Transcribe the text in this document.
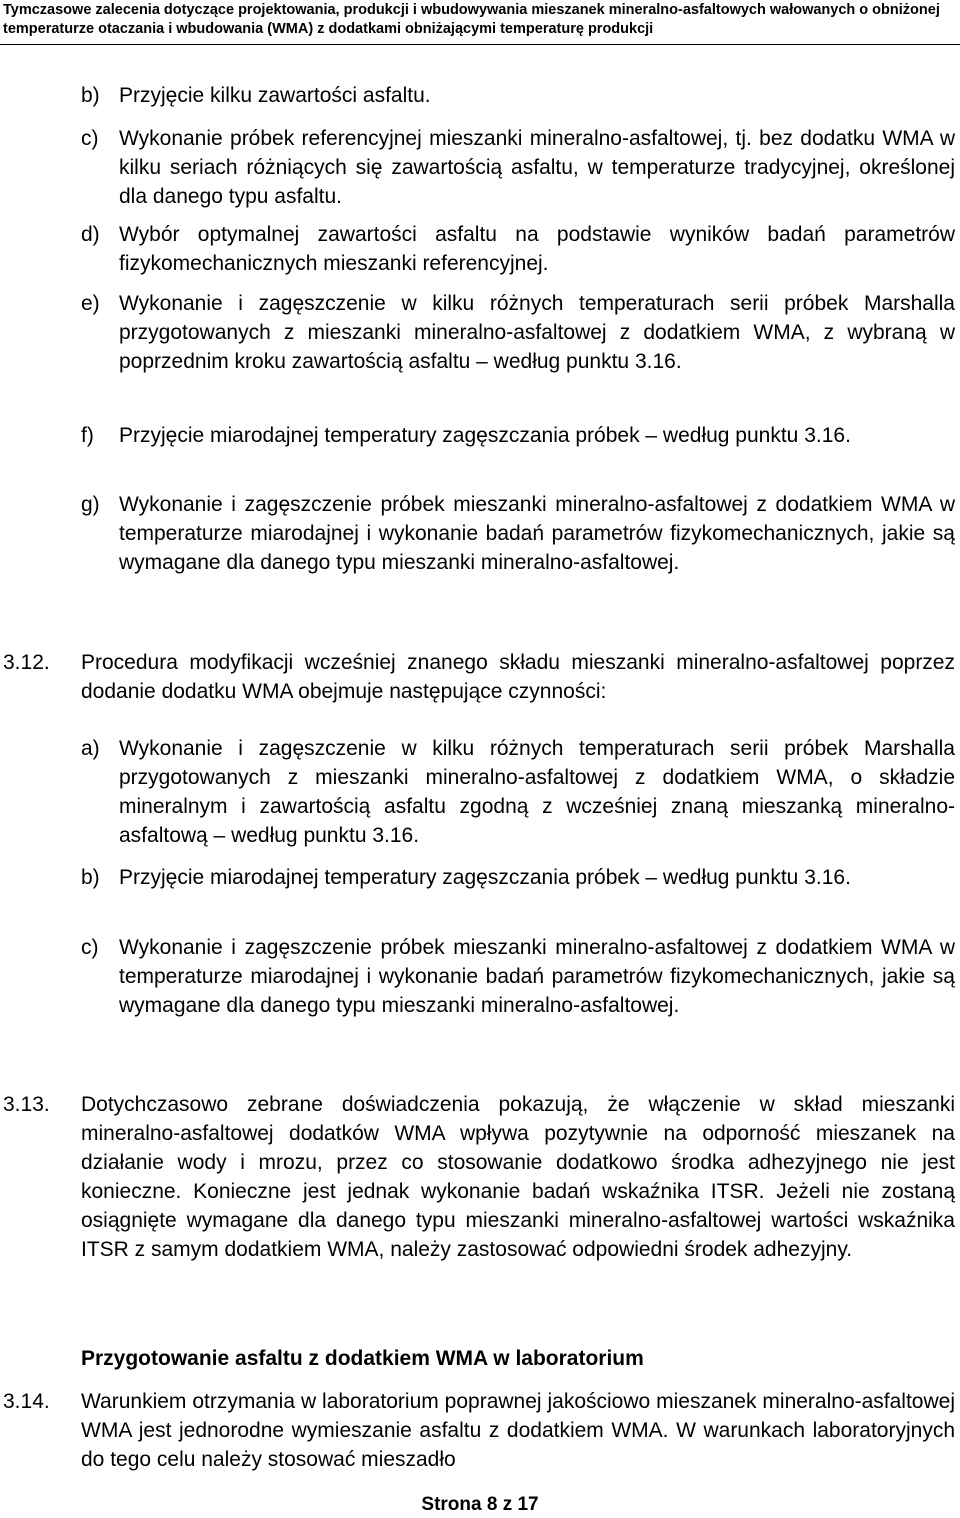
Tymczasowe zalecenia dotyczące projektowania, produkcji i wbudowywania mieszanek mineralno-asfaltowych wałowanych o obniżonej
temperaturze otaczania i wbudowania (WMA) z dodatkami obniżającymi temperaturę produkcji
b) Przyjęcie kilku zawartości asfaltu.
c) Wykonanie próbek referencyjnej mieszanki mineralno-asfaltowej, tj. bez dodatku WMA w kilku seriach różniących się zawartością asfaltu, w temperaturze tradycyjnej, określonej dla danego typu asfaltu.
d) Wybór optymalnej zawartości asfaltu na podstawie wyników badań parametrów fizykomechanicznych mieszanki referencyjnej.
e) Wykonanie i zagęszczenie w kilku różnych temperaturach serii próbek Marshalla przygotowanych z mieszanki mineralno-asfaltowej z dodatkiem WMA, z wybraną w poprzednim kroku zawartością asfaltu – według punktu 3.16.
f) Przyjęcie miarodajnej temperatury zagęszczania próbek – według punktu 3.16.
g) Wykonanie i zagęszczenie próbek mieszanki mineralno-asfaltowej z dodatkiem WMA w temperaturze miarodajnej i wykonanie badań parametrów fizykomechanicznych, jakie są wymagane dla danego typu mieszanki mineralno-asfaltowej.
3.12. Procedura modyfikacji wcześniej znanego składu mieszanki mineralno-asfaltowej poprzez dodanie dodatku WMA obejmuje następujące czynności:
a) Wykonanie i zagęszczenie w kilku różnych temperaturach serii próbek Marshalla przygotowanych z mieszanki mineralno-asfaltowej z dodatkiem WMA, o składzie mineralnym i zawartością asfaltu zgodną z wcześniej znaną mieszanką mineralno-asfaltową – według punktu 3.16.
b) Przyjęcie miarodajnej temperatury zagęszczania próbek – według punktu 3.16.
c) Wykonanie i zagęszczenie próbek mieszanki mineralno-asfaltowej z dodatkiem WMA w temperaturze miarodajnej i wykonanie badań parametrów fizykomechanicznych, jakie są wymagane dla danego typu mieszanki mineralno-asfaltowej.
3.13. Dotychczasowo zebrane doświadczenia pokazują, że włączenie w skład mieszanki mineralno-asfaltowej dodatków WMA wpływa pozytywnie na odporność mieszanek na działanie wody i mrozu, przez co stosowanie dodatkowo środka adhezyjnego nie jest konieczne. Konieczne jest jednak wykonanie badań wskaźnika ITSR. Jeżeli nie zostaną osiągnięte wymagane dla danego typu mieszanki mineralno-asfaltowej wartości wskaźnika ITSR z samym dodatkiem WMA, należy zastosować odpowiedni środek adhezyjny.
Przygotowanie asfaltu z dodatkiem WMA w laboratorium
3.14. Warunkiem otrzymania w laboratorium poprawnej jakościowo mieszanek mineralno-asfaltowej WMA jest jednorodne wymieszanie asfaltu z dodatkiem WMA. W warunkach laboratoryjnych do tego celu należy stosować mieszadło
Strona 8 z 17
